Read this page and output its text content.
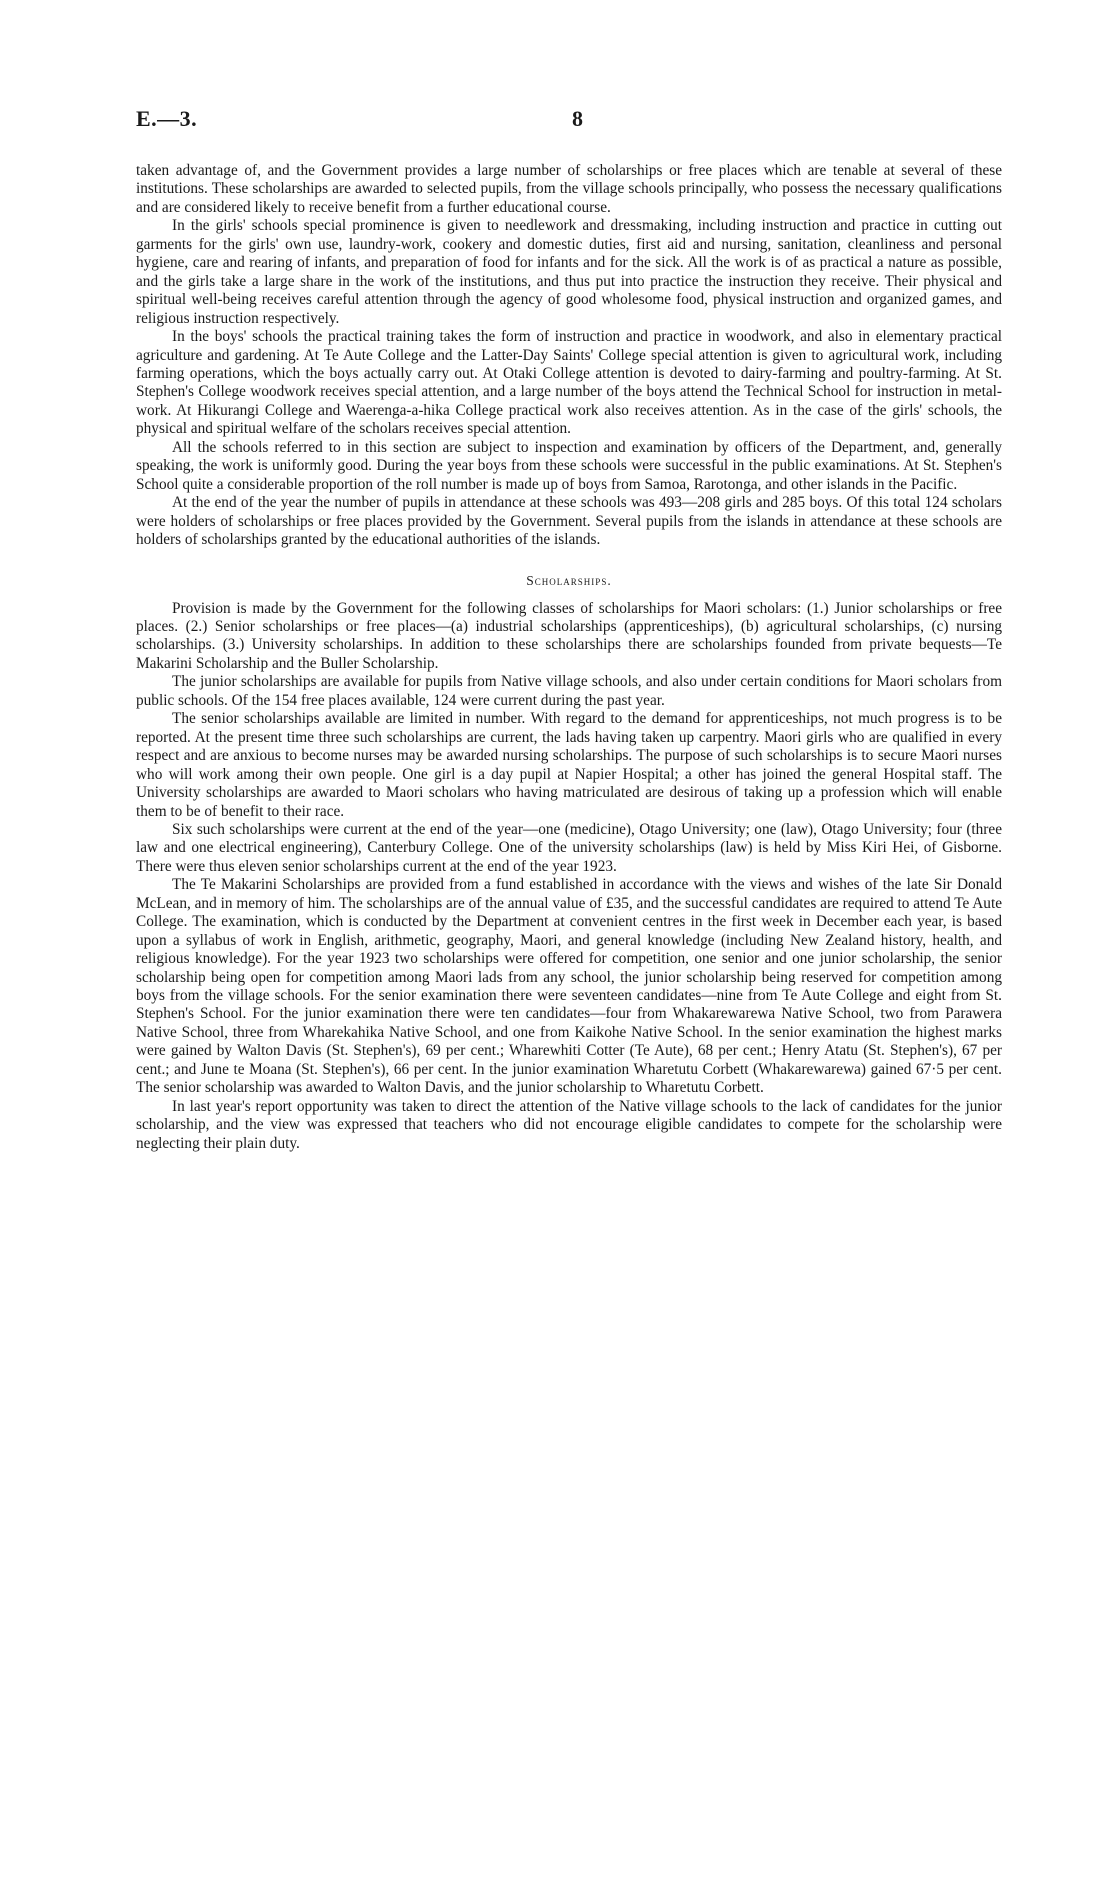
E.—3.	8

taken advantage of, and the Government provides a large number of scholarships or free places which are tenable at several of these institutions. These scholarships are awarded to selected pupils, from the village schools principally, who possess the necessary qualifications and are considered likely to receive benefit from a further educational course.

In the girls' schools special prominence is given to needlework and dressmaking, including instruction and practice in cutting out garments for the girls' own use, laundry-work, cookery and domestic duties, first aid and nursing, sanitation, cleanliness and personal hygiene, care and rearing of infants, and preparation of food for infants and for the sick. All the work is of as practical a nature as possible, and the girls take a large share in the work of the institutions, and thus put into practice the instruction they receive. Their physical and spiritual well-being receives careful attention through the agency of good wholesome food, physical instruction and organized games, and religious instruction respectively.

In the boys' schools the practical training takes the form of instruction and practice in woodwork, and also in elementary practical agriculture and gardening. At Te Aute College and the Latter-Day Saints' College special attention is given to agricultural work, including farming operations, which the boys actually carry out. At Otaki College attention is devoted to dairy-farming and poultry-farming. At St. Stephen's College woodwork receives special attention, and a large number of the boys attend the Technical School for instruction in metal-work. At Hikurangi College and Waerenga-a-hika College practical work also receives attention. As in the case of the girls' schools, the physical and spiritual welfare of the scholars receives special attention.

All the schools referred to in this section are subject to inspection and examination by officers of the Department, and, generally speaking, the work is uniformly good. During the year boys from these schools were successful in the public examinations. At St. Stephen's School quite a considerable proportion of the roll number is made up of boys from Samoa, Rarotonga, and other islands in the Pacific.

At the end of the year the number of pupils in attendance at these schools was 493—208 girls and 285 boys. Of this total 124 scholars were holders of scholarships or free places provided by the Government. Several pupils from the islands in attendance at these schools are holders of scholarships granted by the educational authorities of the islands.

Scholarships.

Provision is made by the Government for the following classes of scholarships for Maori scholars: (1.) Junior scholarships or free places. (2.) Senior scholarships or free places—(a) industrial scholarships (apprenticeships), (b) agricultural scholarships, (c) nursing scholarships. (3.) University scholarships. In addition to these scholarships there are scholarships founded from private bequests—Te Makarini Scholarship and the Buller Scholarship.

The junior scholarships are available for pupils from Native village schools, and also under certain conditions for Maori scholars from public schools. Of the 154 free places available, 124 were current during the past year.

The senior scholarships available are limited in number. With regard to the demand for apprenticeships, not much progress is to be reported. At the present time three such scholarships are current, the lads having taken up carpentry. Maori girls who are qualified in every respect and are anxious to become nurses may be awarded nursing scholarships. The purpose of such scholarships is to secure Maori nurses who will work among their own people. One girl is a day pupil at Napier Hospital; a other has joined the general Hospital staff. The University scholarships are awarded to Maori scholars who having matriculated are desirous of taking up a profession which will enable them to be of benefit to their race.

Six such scholarships were current at the end of the year—one (medicine), Otago University; one (law), Otago University; four (three law and one electrical engineering), Canterbury College. One of the university scholarships (law) is held by Miss Kiri Hei, of Gisborne. There were thus eleven senior scholarships current at the end of the year 1923.

The Te Makarini Scholarships are provided from a fund established in accordance with the views and wishes of the late Sir Donald McLean, and in memory of him. The scholarships are of the annual value of £35, and the successful candidates are required to attend Te Aute College. The examination, which is conducted by the Department at convenient centres in the first week in December each year, is based upon a syllabus of work in English, arithmetic, geography, Maori, and general knowledge (including New Zealand history, health, and religious knowledge). For the year 1923 two scholarships were offered for competition, one senior and one junior scholarship, the senior scholarship being open for competition among Maori lads from any school, the junior scholarship being reserved for competition among boys from the village schools. For the senior examination there were seventeen candidates—nine from Te Aute College and eight from St. Stephen's School. For the junior examination there were ten candidates—four from Whakarewarewa Native School, two from Parawera Native School, three from Wharekahika Native School, and one from Kaikohe Native School. In the senior examination the highest marks were gained by Walton Davis (St. Stephen's), 69 per cent.; Wharewhiti Cotter (Te Aute), 68 per cent.; Henry Atatu (St. Stephen's), 67 per cent.; and June te Moana (St. Stephen's), 66 per cent. In the junior examination Wharetutu Corbett (Whakarewarewa) gained 67·5 per cent. The senior scholarship was awarded to Walton Davis, and the junior scholarship to Wharetutu Corbett.

In last year's report opportunity was taken to direct the attention of the Native village schools to the lack of candidates for the junior scholarship, and the view was expressed that teachers who did not encourage eligible candidates to compete for the scholarship were neglecting their plain duty.
